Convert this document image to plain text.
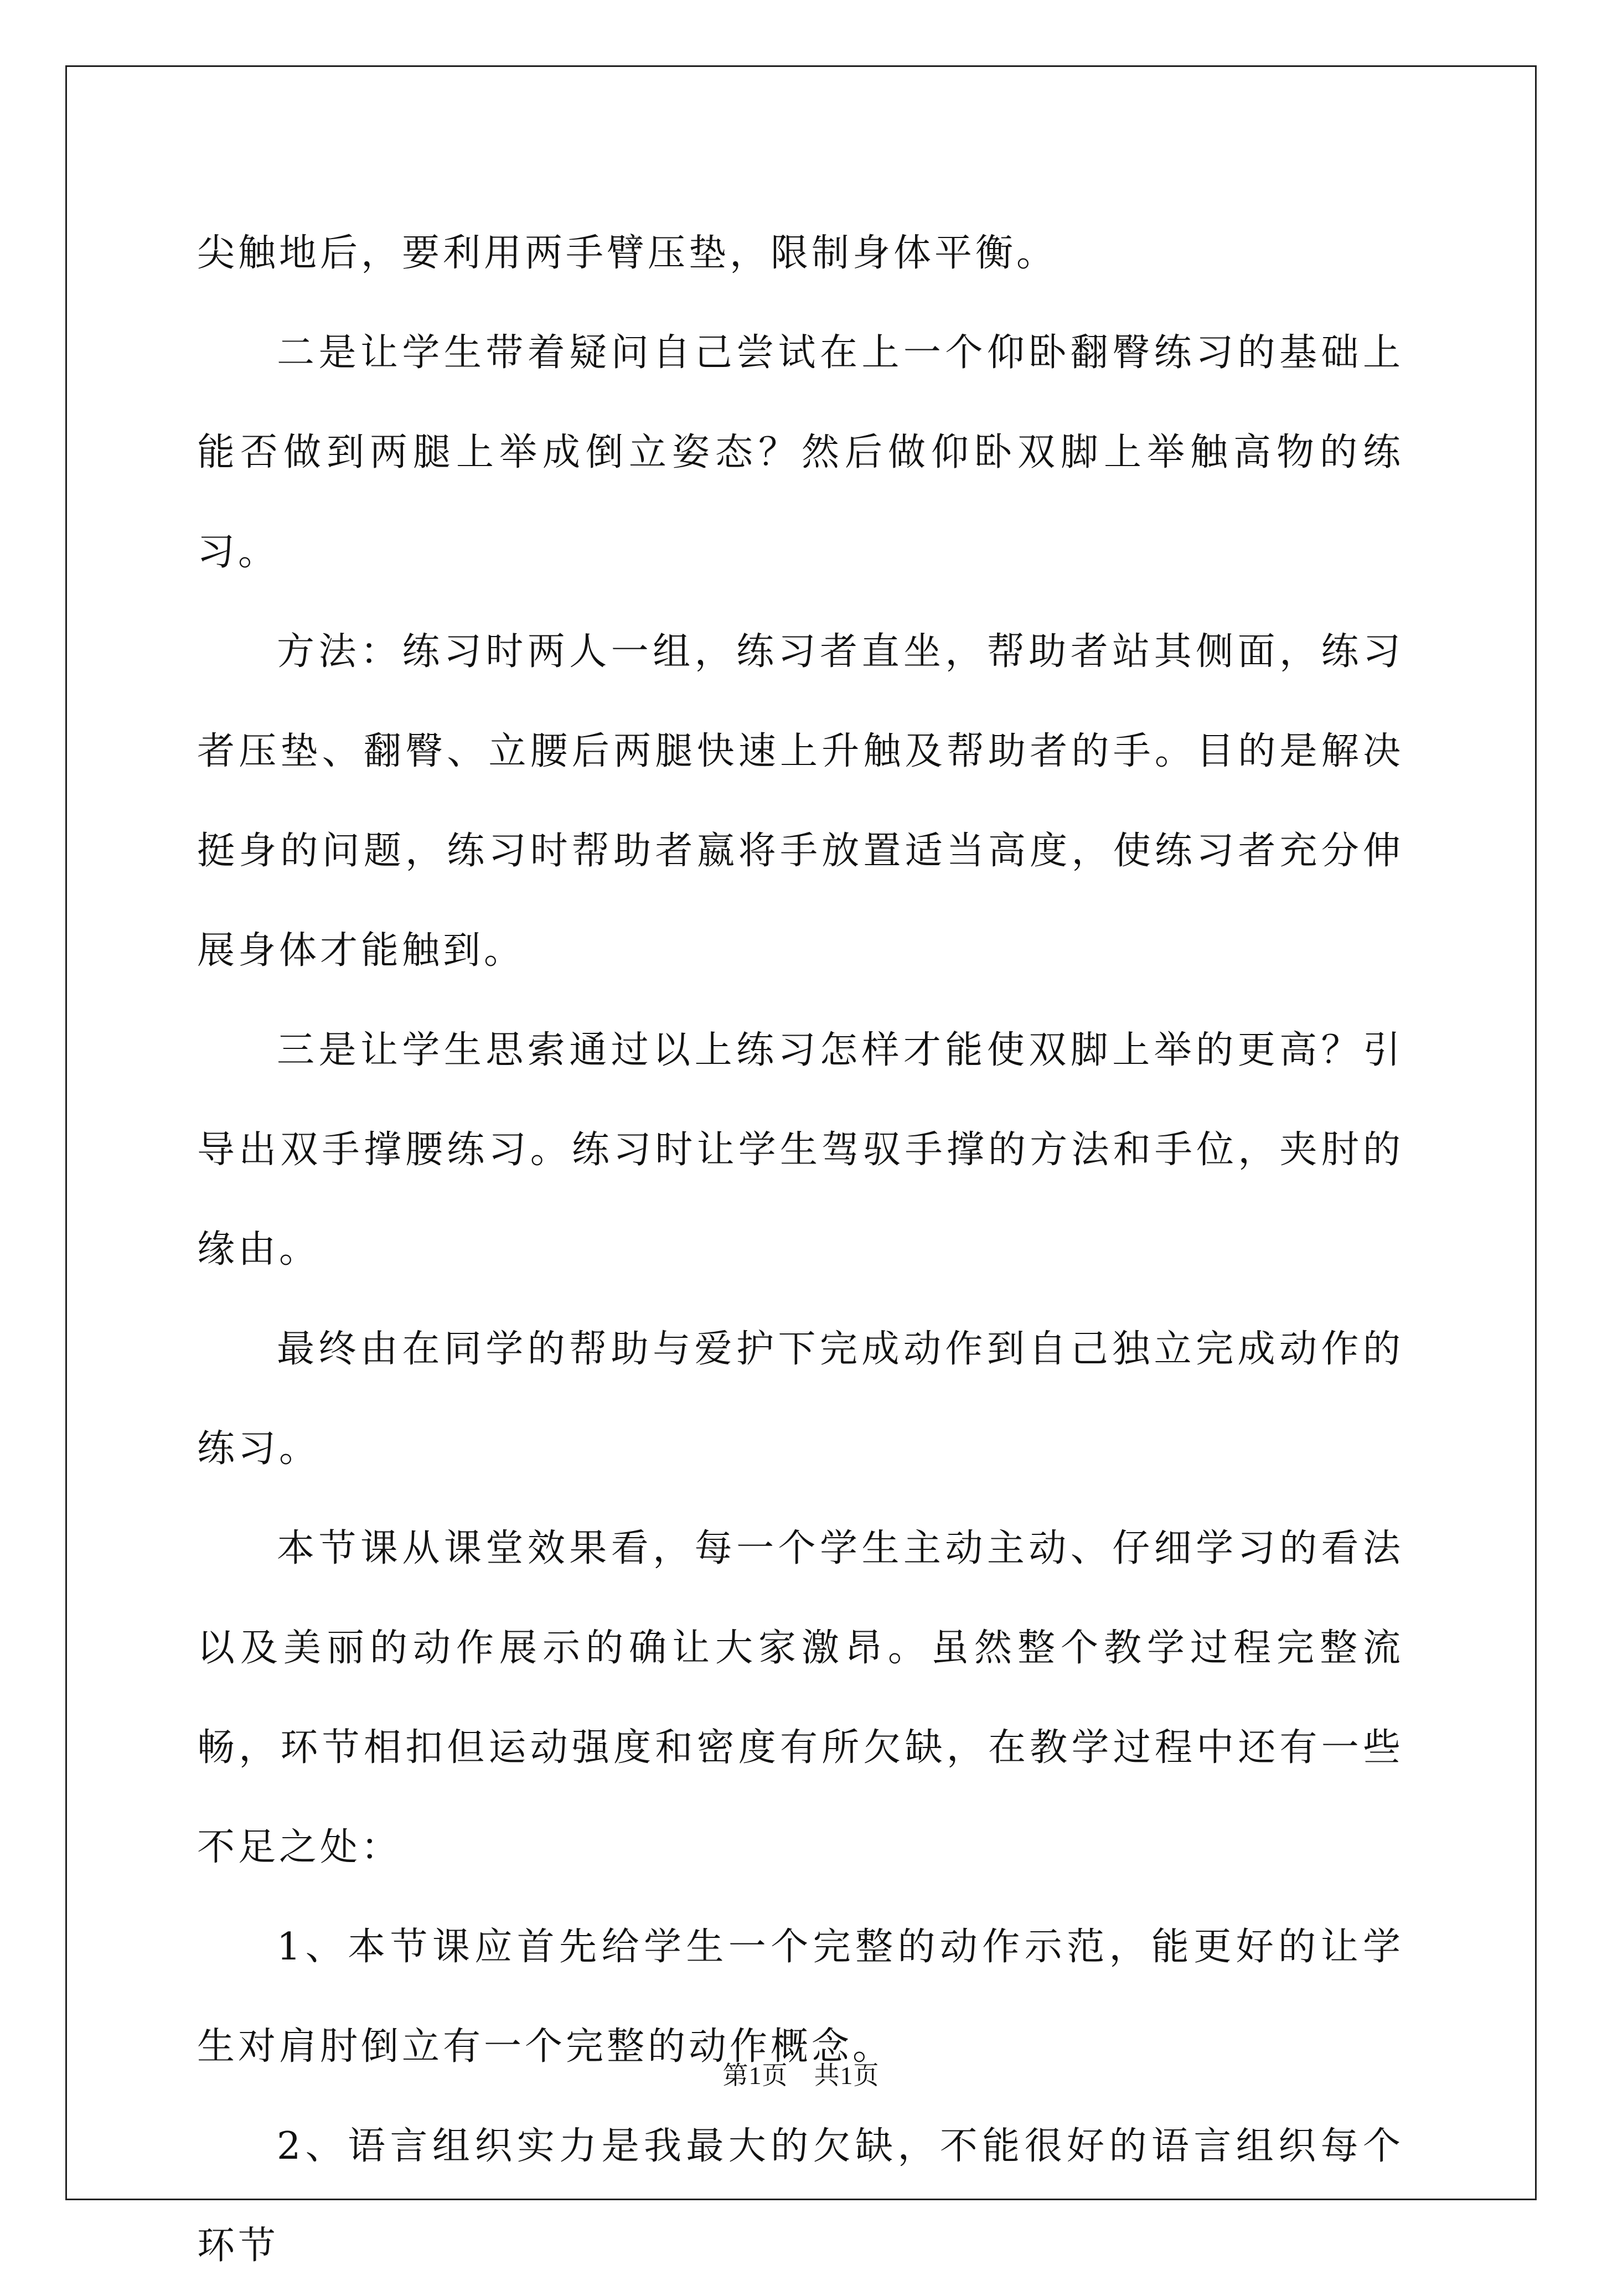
尖触地后，要利用两手臂压垫，限制身体平衡。

二是让学生带着疑问自己尝试在上一个仰卧翻臀练习的基础上能否做到两腿上举成倒立姿态？然后做仰卧双脚上举触高物的练习。

方法：练习时两人一组，练习者直坐，帮助者站其侧面，练习者压垫、翻臀、立腰后两腿快速上升触及帮助者的手。目的是解决挺身的问题，练习时帮助者嬴将手放置适当高度，使练习者充分伸展身体才能触到。

三是让学生思索通过以上练习怎样才能使双脚上举的更高？引导出双手撑腰练习。练习时让学生驾驭手撑的方法和手位，夹肘的缘由。

最终由在同学的帮助与爱护下完成动作到自己独立完成动作的练习。

本节课从课堂效果看，每一个学生主动主动、仔细学习的看法以及美丽的动作展示的确让大家激昂。虽然整个教学过程完整流畅，环节相扣但运动强度和密度有所欠缺，在教学过程中还有一些不足之处：

1、本节课应首先给学生一个完整的动作示范，能更好的让学生对肩肘倒立有一个完整的动作概念。

2、语言组织实力是我最大的欠缺，不能很好的语言组织每个环节

第1页　共1页
